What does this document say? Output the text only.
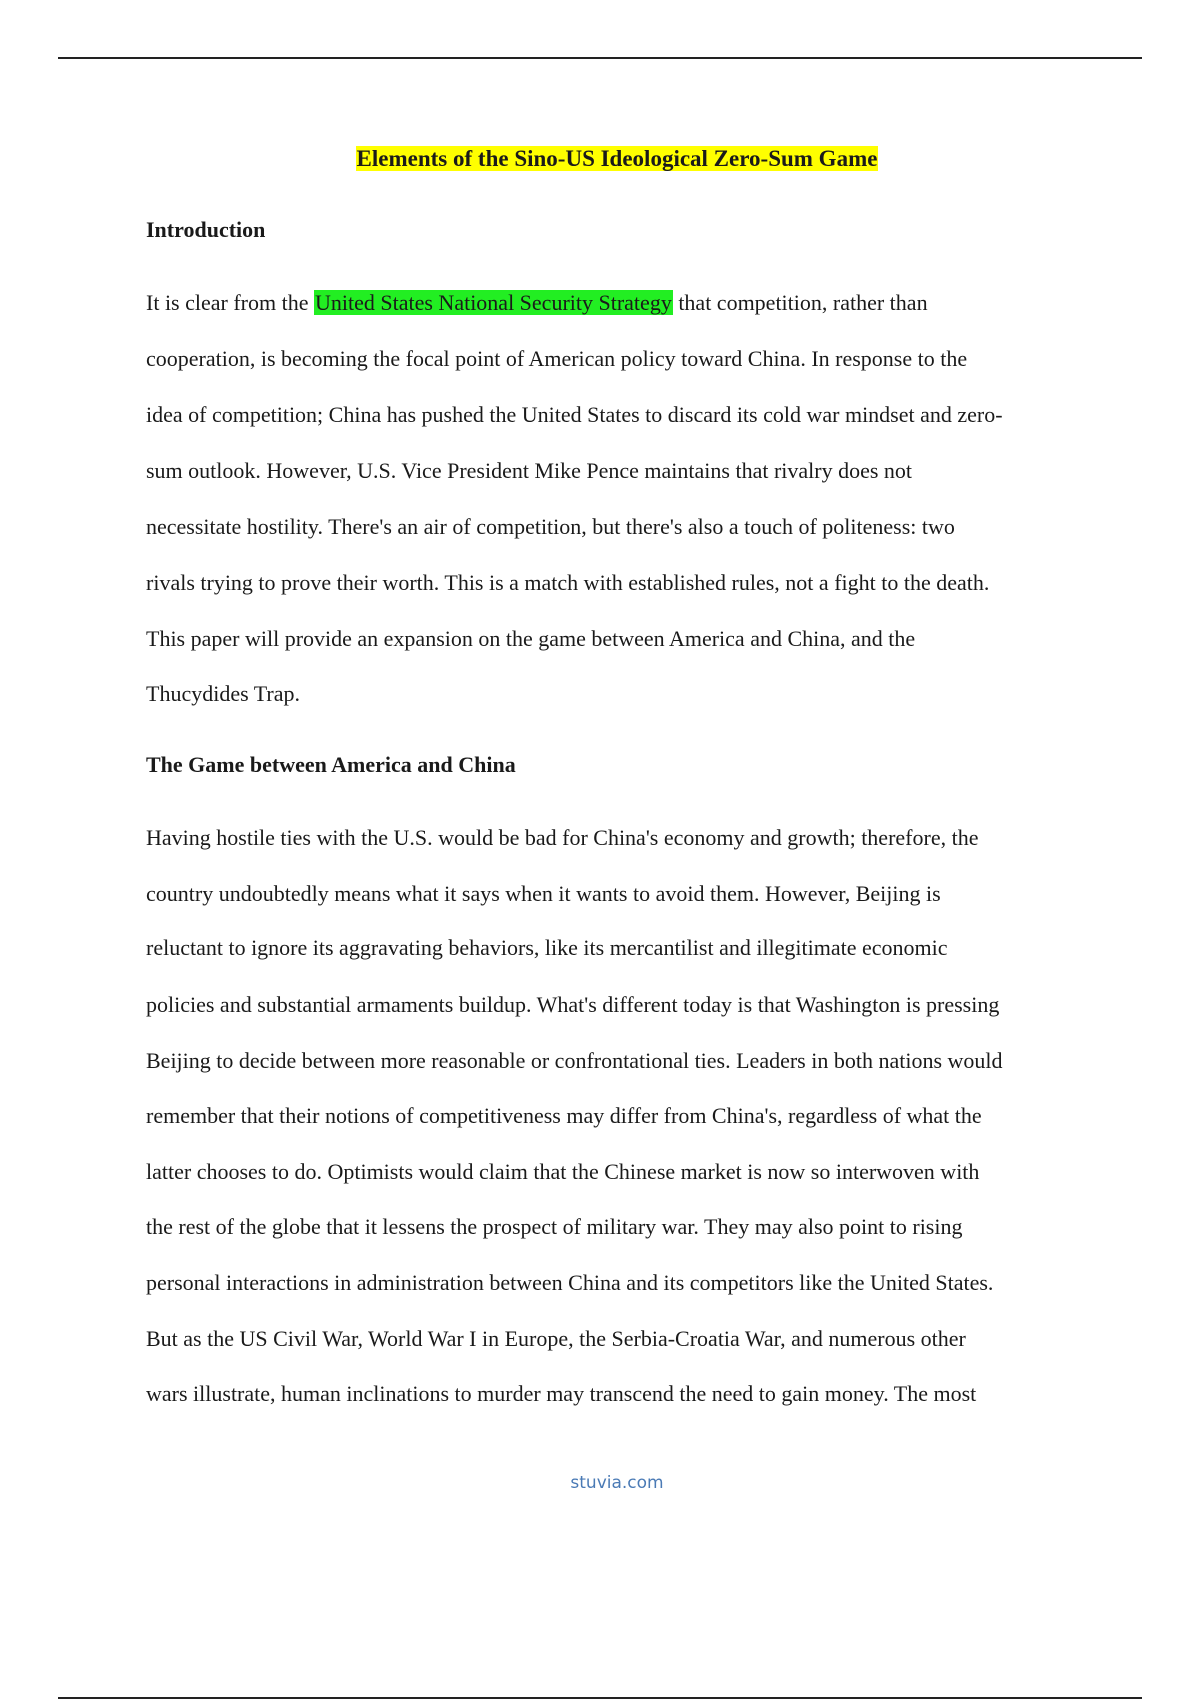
Elements of the Sino-US Ideological Zero-Sum Game
Introduction
It is clear from the United States National Security Strategy that competition, rather than
cooperation, is becoming the focal point of American policy toward China. In response to the
idea of competition; China has pushed the United States to discard its cold war mindset and zero-
sum outlook. However, U.S. Vice President Mike Pence maintains that rivalry does not
necessitate hostility. There's an air of competition, but there's also a touch of politeness: two
rivals trying to prove their worth. This is a match with established rules, not a fight to the death.
This paper will provide an expansion on the game between America and China, and the
Thucydides Trap.
The Game between America and China
Having hostile ties with the U.S. would be bad for China's economy and growth; therefore, the
country undoubtedly means what it says when it wants to avoid them. However, Beijing is
reluctant to ignore its aggravating behaviors, like its mercantilist and illegitimate economic
policies and substantial armaments buildup. What's different today is that Washington is pressing
Beijing to decide between more reasonable or confrontational ties. Leaders in both nations would
remember that their notions of competitiveness may differ from China's, regardless of what the
latter chooses to do. Optimists would claim that the Chinese market is now so interwoven with
the rest of the globe that it lessens the prospect of military war. They may also point to rising
personal interactions in administration between China and its competitors like the United States.
But as the US Civil War, World War I in Europe, the Serbia-Croatia War, and numerous other
wars illustrate, human inclinations to murder may transcend the need to gain money. The most
stuvia.com
